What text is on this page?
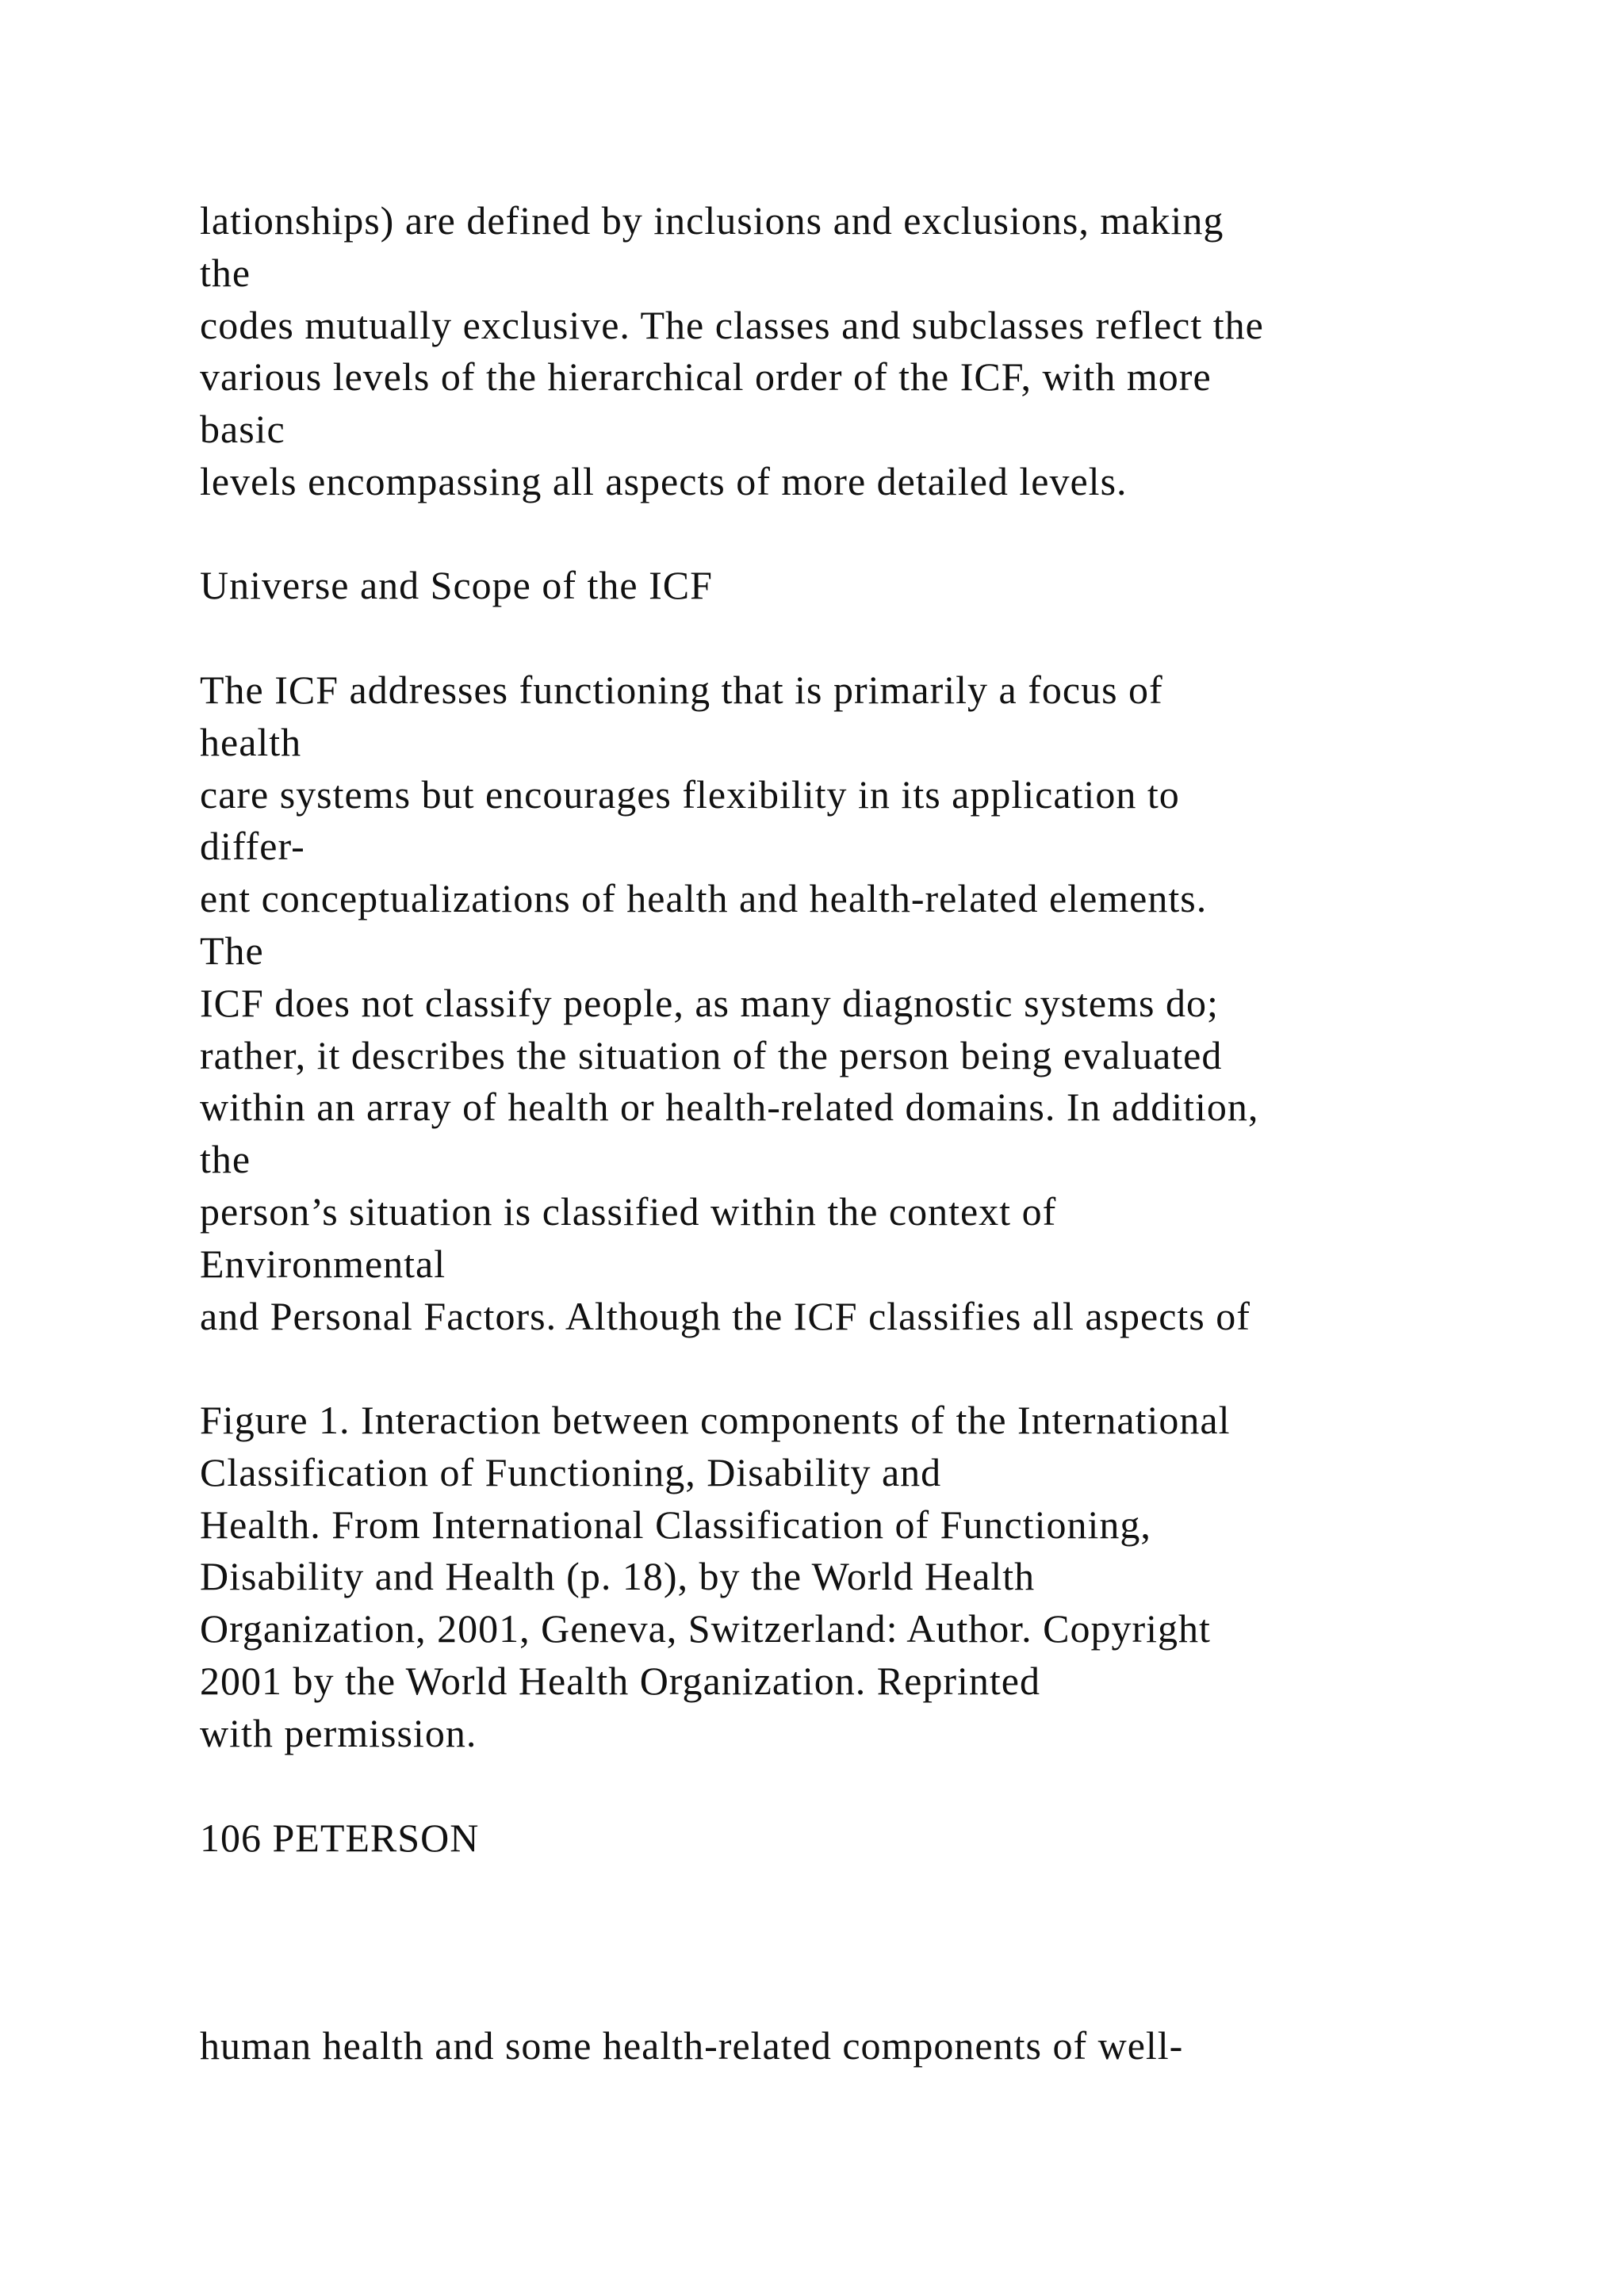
lationships) are defined by inclusions and exclusions, making
the
codes mutually exclusive. The classes and subclasses reflect the
various levels of the hierarchical order of the ICF, with more
basic
levels encompassing all aspects of more detailed levels.
Universe and Scope of the ICF
The ICF addresses functioning that is primarily a focus of
health
care systems but encourages flexibility in its application to
differ-
ent conceptualizations of health and health-related elements.
The
ICF does not classify people, as many diagnostic systems do;
rather, it describes the situation of the person being evaluated
within an array of health or health-related domains. In addition,
the
person’s situation is classified within the context of
Environmental
and Personal Factors. Although the ICF classifies all aspects of
Figure 1. Interaction between components of the International
Classification of Functioning, Disability and
Health. From International Classification of Functioning,
Disability and Health (p. 18), by the World Health
Organization, 2001, Geneva, Switzerland: Author. Copyright
2001 by the World Health Organization. Reprinted
with permission.
106 PETERSON
human health and some health-related components of well-
